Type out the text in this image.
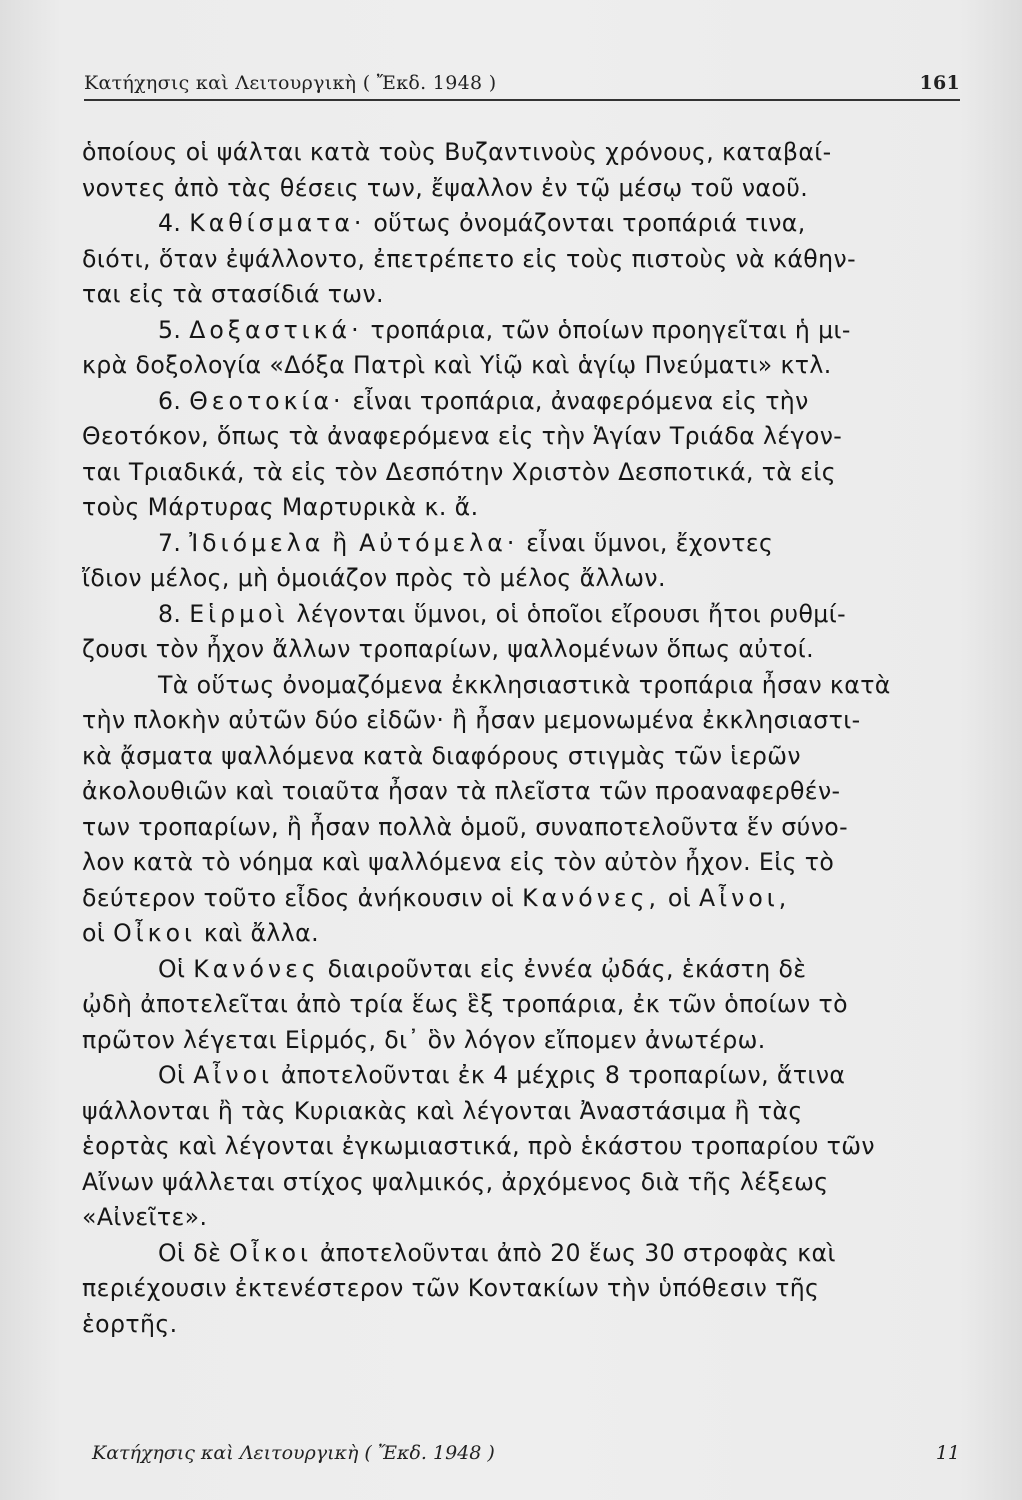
Κατήχησις καὶ Λειτουργικὴ ( Ἔκδ. 1948 )	161
ὁποίους οἱ ψάλται κατὰ τοὺς Βυζαντινοὺς χρόνους, καταβαί-
νοντες ἀπὸ τὰς θέσεις των, ἔψαλλον ἐν τῷ μέσῳ τοῦ ναοῦ.
4. Καθίσματα· οὕτως ὀνομάζονται τροπάριά τινα,
διότι, ὅταν ἐψάλλοντο, ἐπετρέπετο εἰς τοὺς πιστοὺς νὰ κάθην-
ται εἰς τὰ στασίδιά των.
5. Δοξαστικά· τροπάρια, τῶν ὁποίων προηγεῖται ἡ μι-
κρὰ δοξολογία «Δόξα Πατρὶ καὶ Υἱῷ καὶ ἁγίῳ Πνεύματι» κτλ.
6. Θεοτοκία· εἶναι τροπάρια, ἀναφερόμενα εἰς τὴν
Θεοτόκον, ὅπως τὰ ἀναφερόμενα εἰς τὴν Ἁγίαν Τριάδα λέγον-
ται Τριαδικά, τὰ εἰς τὸν Δεσπότην Χριστὸν Δεσποτικά, τὰ εἰς
τοὺς Μάρτυρας Μαρτυρικὰ κ. ἄ.
7. Ἰδιόμελα ἢ Αὐτόμελα· εἶναι ὕμνοι, ἔχοντες
ἴδιον μέλος, μὴ ὁμοιάζον πρὸς τὸ μέλος ἄλλων.
8. Εἱρμοὶ λέγονται ὕμνοι, οἱ ὁποῖοι εἴρουσι ἤτοι ρυθμί-
ζουσι τὸν ἦχον ἄλλων τροπαρίων, ψαλλομένων ὅπως αὐτοί.
Τὰ οὕτως ὀνομαζόμενα ἐκκλησιαστικὰ τροπάρια ἦσαν κατὰ
τὴν πλοκὴν αὐτῶν δύο εἰδῶν· ἢ ἦσαν μεμονωμένα ἐκκλησιαστι-
κὰ ᾄσματα ψαλλόμενα κατὰ διαφόρους στιγμὰς τῶν ἱερῶν
ἀκολουθιῶν καὶ τοιαῦτα ἦσαν τὰ πλεῖστα τῶν προαναφερθέν-
των τροπαρίων, ἢ ἦσαν πολλὰ ὁμοῦ, συναποτελοῦντα ἕν σύνο-
λον κατὰ τὸ νόημα καὶ ψαλλόμενα εἰς τὸν αὐτὸν ἦχον. Εἰς τὸ
δεύτερον τοῦτο εἶδος ἀνήκουσιν οἱ Κανόνες, οἱ Αἶνοι,
οἱ Οἶκοι καὶ ἄλλα.
Οἱ Κανόνες διαιροῦνται εἰς ἐννέα ᾠδάς, ἑκάστη δὲ
ᾠδὴ ἀποτελεῖται ἀπὸ τρία ἕως ἓξ τροπάρια, ἐκ τῶν ὁποίων τὸ
πρῶτον λέγεται Εἱρμός, δι᾽ ὃν λόγον εἴπομεν ἀνωτέρω.
Οἱ Αἶνοι ἀποτελοῦνται ἐκ 4 μέχρις 8 τροπαρίων, ἅτινα
ψάλλονται ἢ τὰς Κυριακὰς καὶ λέγονται Ἀναστάσιμα ἢ τὰς
ἑορτὰς καὶ λέγονται ἐγκωμιαστικά, πρὸ ἑκάστου τροπαρίου τῶν
Αἴνων ψάλλεται στίχος ψαλμικός, ἀρχόμενος διὰ τῆς λέξεως
«Αἰνεῖτε».
Οἱ δὲ Οἶκοι ἀποτελοῦνται ἀπὸ 20 ἕως 30 στροφὰς καὶ
περιέχουσιν ἐκτενέστερον τῶν Κοντακίων τὴν ὑπόθεσιν τῆς
ἑορτῆς.
Κατήχησις καὶ Λειτουργικὴ ( Ἔκδ. 1948 )	11
